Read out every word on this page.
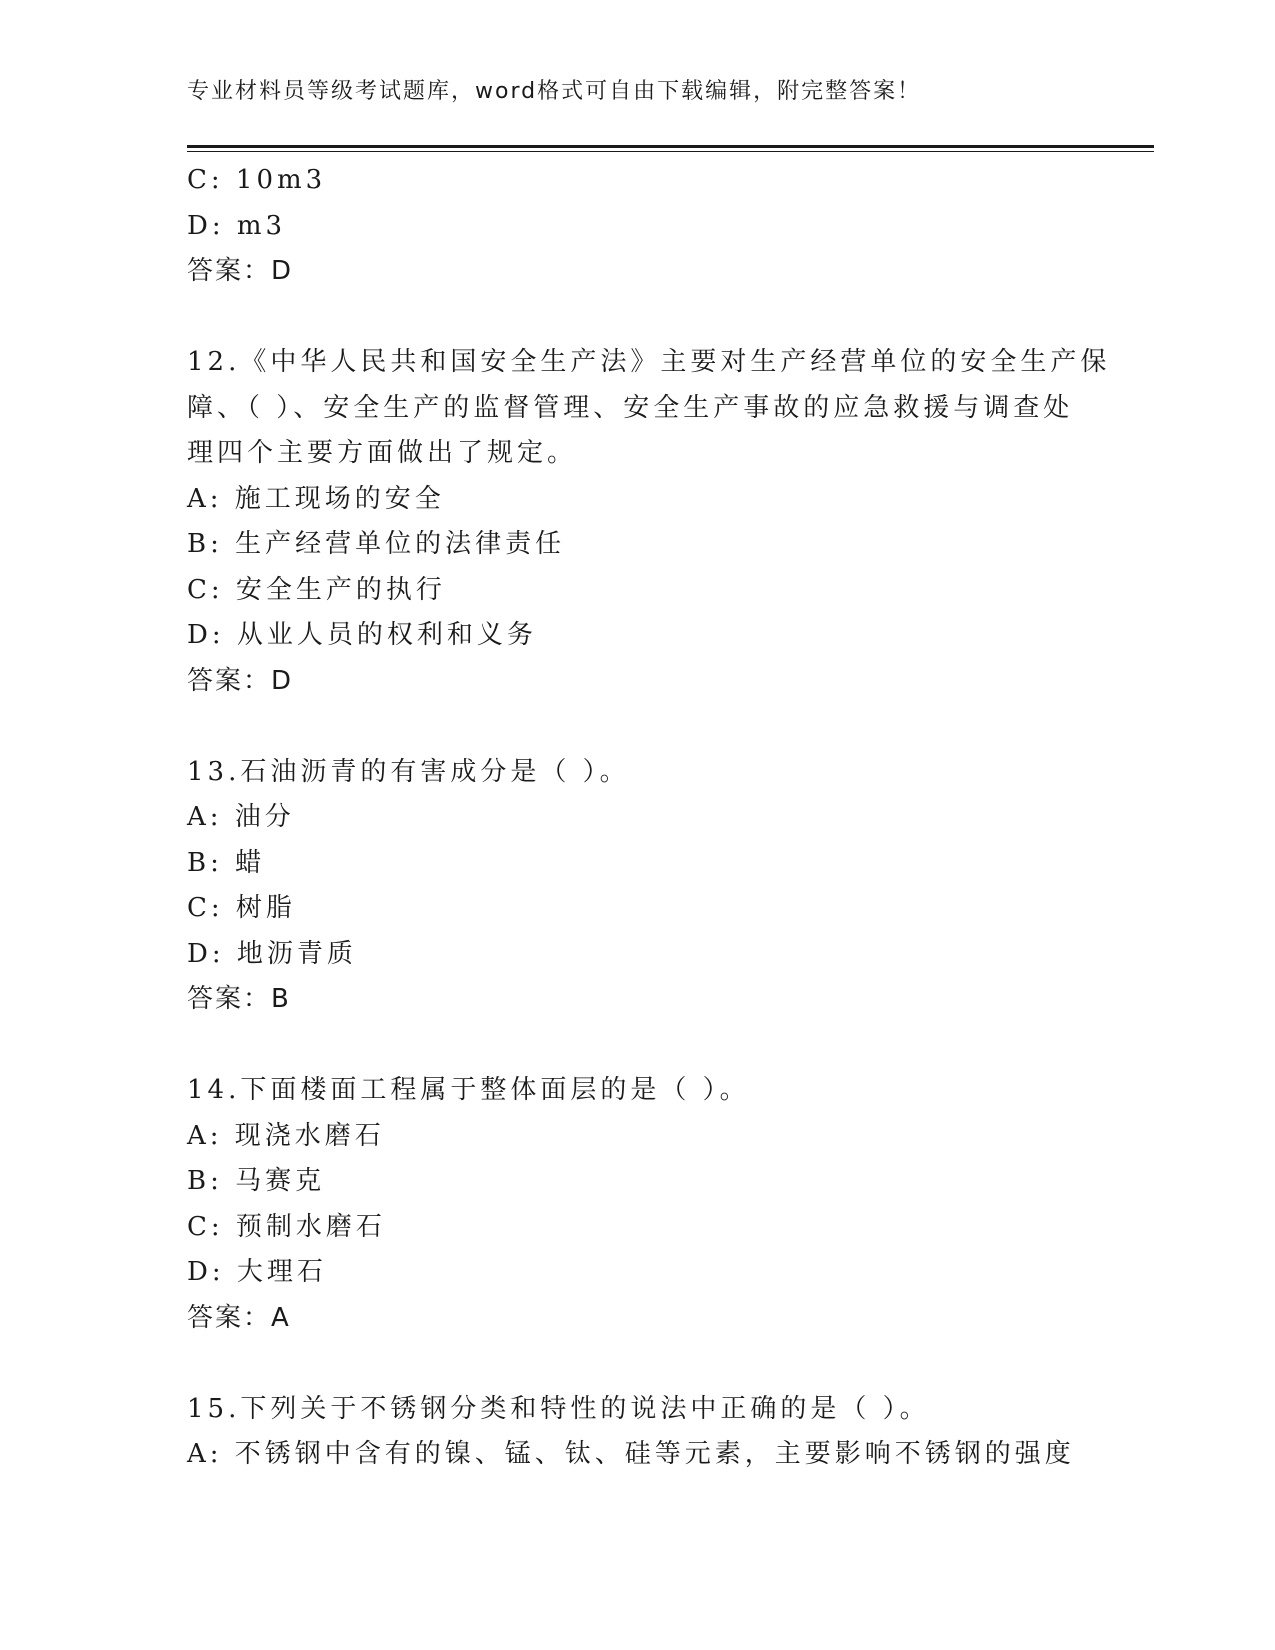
专业材料员等级考试题库，word格式可自由下载编辑，附完整答案！
C: 10m3
D: m3
答案：D
12.《中华人民共和国安全生产法》主要对生产经营单位的安全生产保
障、（ ）、安全生产的监督管理、安全生产事故的应急救援与调查处
理四个主要方面做出了规定。
A: 施工现场的安全
B: 生产经营单位的法律责任
C: 安全生产的执行
D: 从业人员的权利和义务
答案：D
13.石油沥青的有害成分是（ ）。
A: 油分
B: 蜡
C: 树脂
D: 地沥青质
答案：B
14.下面楼面工程属于整体面层的是（ ）。
A: 现浇水磨石
B: 马赛克
C: 预制水磨石
D: 大理石
答案：A
15.下列关于不锈钢分类和特性的说法中正确的是（ ）。
A: 不锈钢中含有的镍、锰、钛、硅等元素，主要影响不锈钢的强度
